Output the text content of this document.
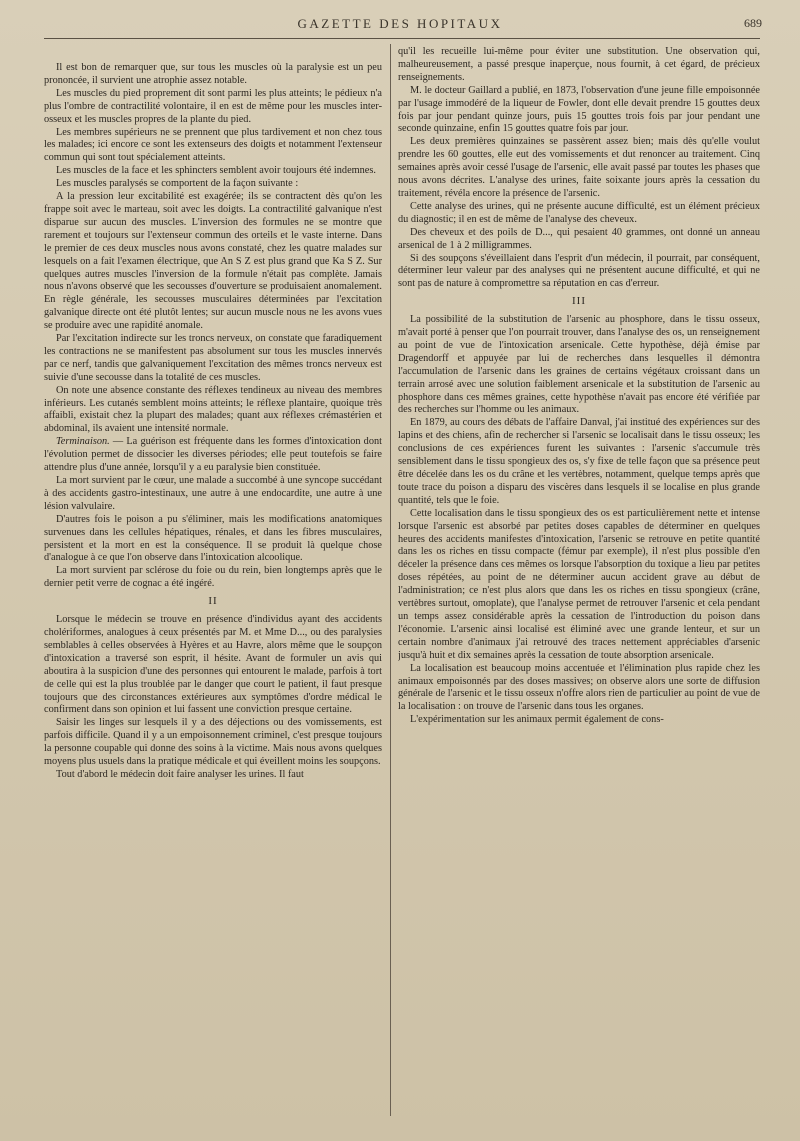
GAZETTE DES HOPITAUX	689

Il est bon de remarquer que, sur tous les muscles où la paralysie est un peu prononcée, il survient une atrophie assez notable.

Les muscles du pied proprement dit sont parmi les plus atteints; le pédieux n'a plus l'ombre de contractilité volontaire, il en est de même pour les muscles inter-osseux et les muscles propres de la plante du pied.

Les membres supérieurs ne se prennent que plus tardivement et non chez tous les malades; ici encore ce sont les extenseurs des doigts et notamment l'extenseur commun qui sont tout spécialement atteints.

Les muscles de la face et les sphincters semblent avoir toujours été indemnes.

Les muscles paralysés se comportent de la façon suivante :

A la pression leur excitabilité est exagérée; ils se contractent dès qu'on les frappe soit avec le marteau, soit avec les doigts. La contractilité galvanique n'est disparue sur aucun des muscles. L'inversion des formules ne se montre que rarement et toujours sur l'extenseur commun des orteils et le vaste interne. Dans le premier de ces deux muscles nous avons constaté, chez les quatre malades sur lesquels on a fait l'examen électrique, que An S Z est plus grand que Ka S Z. Sur quelques autres muscles l'inversion de la formule n'était pas complète. Jamais nous n'avons observé que les secousses d'ouverture se produisaient anomalement. En règle générale, les secousses musculaires déterminées par l'excitation galvanique directe ont été plutôt lentes; sur aucun muscle nous ne les avons vues se produire avec une rapidité anomale.

Par l'excitation indirecte sur les troncs nerveux, on constate que faradiquement les contractions ne se manifestent pas absolument sur tous les muscles innervés par ce nerf, tandis que galvaniquement l'excitation des mêmes troncs nerveux est suivie d'une secousse dans la totalité de ces muscles.

On note une absence constante des réflexes tendineux au niveau des membres inférieurs. Les cutanés semblent moins atteints; le réflexe plantaire, quoique très affaibli, existait chez la plupart des malades; quant aux réflexes crémastérien et abdominal, ils avaient une intensité normale.

Terminaison. — La guérison est fréquente dans les formes d'intoxication dont l'évolution permet de dissocier les diverses périodes; elle peut toutefois se faire attendre plus d'une année, lorsqu'il y a eu paralysie bien constituée.

La mort survient par le cœur, une malade a succombé à une syncope succédant à des accidents gastro-intestinaux, une autre à une endocardite, une autre à une lésion valvulaire.

D'autres fois le poison a pu s'éliminer, mais les modifications anatomiques survenues dans les cellules hépatiques, rénales, et dans les fibres musculaires, persistent et la mort en est la conséquence. Il se produit là quelque chose d'analogue à ce que l'on observe dans l'intoxication alcoolique.

La mort survient par sclérose du foie ou du rein, bien longtemps après que le dernier petit verre de cognac a été ingéré.

II

Lorsque le médecin se trouve en présence d'individus ayant des accidents cholériformes, analogues à ceux présentés par M. et Mme D..., ou des paralysies semblables à celles observées à Hyères et au Havre, alors même que le soupçon d'intoxication a traversé son esprit, il hésite. Avant de formuler un avis qui aboutira à la suspicion d'une des personnes qui entourent le malade, parfois à tort de celle qui est la plus troublée par le danger que court le patient, il faut presque toujours que des circonstances extérieures aux symptômes d'ordre médical le confirment dans son opinion et lui fassent une conviction presque certaine.

Saisir les linges sur lesquels il y a des déjections ou des vomissements, est parfois difficile. Quand il y a un empoisonnement criminel, c'est presque toujours la personne coupable qui donne des soins à la victime. Mais nous avons quelques moyens plus usuels dans la pratique médicale et qui éveillent moins les soupçons.

Tout d'abord le médecin doit faire analyser les urines. Il faut

qu'il les recueille lui-même pour éviter une substitution. Une observation qui, malheureusement, a passé presque inaperçue, nous fournit, à cet égard, de précieux renseignements.

M. le docteur Gaillard a publié, en 1873, l'observation d'une jeune fille empoisonnée par l'usage immodéré de la liqueur de Fowler, dont elle devait prendre 15 gouttes deux fois par jour pendant quinze jours, puis 15 gouttes trois fois par jour pendant une seconde quinzaine, enfin 15 gouttes quatre fois par jour.

Les deux premières quinzaines se passèrent assez bien; mais dès qu'elle voulut prendre les 60 gouttes, elle eut des vomissements et dut renoncer au traitement. Cinq semaines après avoir cessé l'usage de l'arsenic, elle avait passé par toutes les phases que nous avons décrites. L'analyse des urines, faite soixante jours après la cessation du traitement, révéla encore la présence de l'arsenic.

Cette analyse des urines, qui ne présente aucune difficulté, est un élément précieux du diagnostic; il en est de même de l'analyse des cheveux.

Des cheveux et des poils de D..., qui pesaient 40 grammes, ont donné un anneau arsenical de 1 à 2 milligrammes.

Si des soupçons s'éveillaient dans l'esprit d'un médecin, il pourrait, par conséquent, déterminer leur valeur par des analyses qui ne présentent aucune difficulté, et qui ne sont pas de nature à compromettre sa réputation en cas d'erreur.

III

La possibilité de la substitution de l'arsenic au phosphore, dans le tissu osseux, m'avait porté à penser que l'on pourrait trouver, dans l'analyse des os, un renseignement au point de vue de l'intoxication arsenicale. Cette hypothèse, déjà émise par Dragendorff et appuyée par lui de recherches dans lesquelles il démontra l'accumulation de l'arsenic dans les graines de certains végétaux croissant dans un terrain arrosé avec une solution faiblement arsenicale et la substitution de l'arsenic au phosphore dans ces mêmes graines, cette hypothèse n'avait pas encore été vérifiée par des recherches sur l'homme ou les animaux.

En 1879, au cours des débats de l'affaire Danval, j'ai institué des expériences sur des lapins et des chiens, afin de rechercher si l'arsenic se localisait dans le tissu osseux; les conclusions de ces expériences furent les suivantes : l'arsenic s'accumule très sensiblement dans le tissu spongieux des os, s'y fixe de telle façon que sa présence peut être décelée dans les os du crâne et les vertèbres, notamment, quelque temps après que toute trace du poison a disparu des viscères dans lesquels il se localise en plus grande quantité, tels que le foie.

Cette localisation dans le tissu spongieux des os est particulièrement nette et intense lorsque l'arsenic est absorbé par petites doses capables de déterminer en quelques heures des accidents manifestes d'intoxication, l'arsenic se retrouve en petite quantité dans les os riches en tissu compacte (fémur par exemple), il n'est plus possible d'en déceler la présence dans ces mêmes os lorsque l'absorption du toxique a lieu par petites doses répétées, au point de ne déterminer aucun accident grave au début de l'administration; ce n'est plus alors que dans les os riches en tissu spongieux (crâne, vertèbres surtout, omoplate), que l'analyse permet de retrouver l'arsenic et cela pendant un temps assez considérable après la cessation de l'introduction du poison dans l'économie. L'arsenic ainsi localisé est éliminé avec une grande lenteur, et sur un certain nombre d'animaux j'ai retrouvé des traces nettement appréciables d'arsenic jusqu'à huit et dix semaines après la cessation de toute absorption arsenicale.

La localisation est beaucoup moins accentuée et l'élimination plus rapide chez les animaux empoisonnés par des doses massives; on observe alors une sorte de diffusion générale de l'arsenic et le tissu osseux n'offre alors rien de particulier au point de vue de la localisation : on trouve de l'arsenic dans tous les organes.

L'expérimentation sur les animaux permit également de cons-
